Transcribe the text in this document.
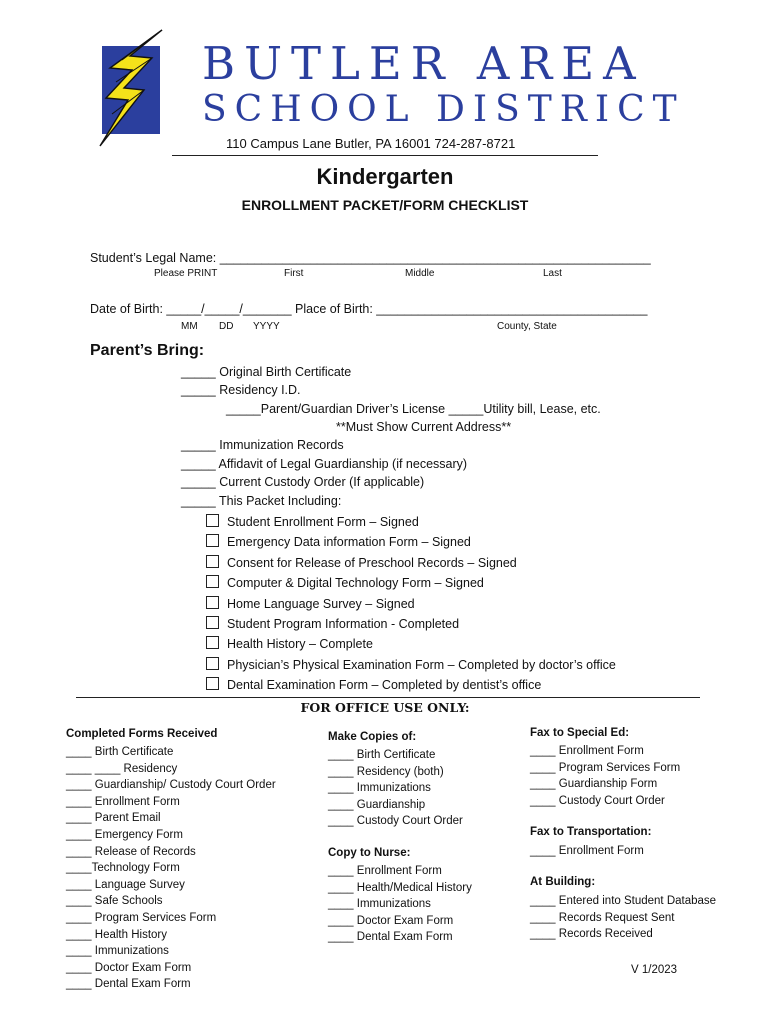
BUTLER AREA
SCHOOL DISTRICT
110 Campus Lane Butler, PA 16001 724-287-8721
Kindergarten
ENROLLMENT PACKET/FORM CHECKLIST
Student’s Legal Name: ______________________________________________________________
Please PRINT	First	Middle	Last
Date of Birth: _____/_____/_______ Place of Birth: _______________________________________
MM DD YYYY	County, State
Parent’s Bring:
_____ Original Birth Certificate
_____ Residency I.D.
_____Parent/Guardian Driver’s License _____Utility bill, Lease, etc.
**Must Show Current Address**
_____ Immunization Records
_____ Affidavit of Legal Guardianship (if necessary)
_____ Current Custody Order (If applicable)
_____ This Packet Including:
Student Enrollment Form – Signed
Emergency Data information Form – Signed
Consent for Release of Preschool Records – Signed
Computer & Digital Technology Form – Signed
Home Language Survey – Signed
Student Program Information - Completed
Health History – Complete
Physician’s Physical Examination Form – Completed by doctor’s office
Dental Examination Form – Completed by dentist’s office
FOR OFFICE USE ONLY:
Completed Forms Received
____ Birth Certificate
____ ____ Residency
____ Guardianship/ Custody Court Order
____ Enrollment Form
____ Parent Email
____ Emergency Form
____ Release of Records
____Technology Form
____ Language Survey
____ Safe Schools
____ Program Services Form
____ Health History
____ Immunizations
____ Doctor Exam Form
____ Dental Exam Form
Make Copies of:
____ Birth Certificate
____ Residency (both)
____ Immunizations
____ Guardianship
____ Custody Court Order
Copy to Nurse:
____ Enrollment Form
____ Health/Medical History
____ Immunizations
____ Doctor Exam Form
____ Dental Exam Form
Fax to Special Ed:
____ Enrollment Form
____ Program Services Form
____ Guardianship Form
____ Custody Court Order
Fax to Transportation:
____ Enrollment Form
At Building:
____ Entered into Student Database
____ Records Request Sent
____ Records Received
V 1/2023
